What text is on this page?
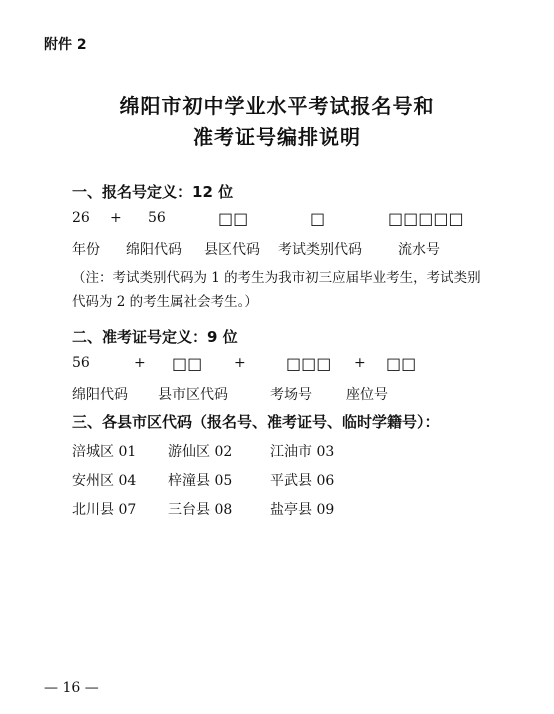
附件 2
绵阳市初中学业水平考试报名号和
准考证号编排说明
一、报名号定义：12 位
26 + 56	□□	□	□□□□□
年份 绵阳代码 县区代码 考试类别代码	流水号
（注：考试类别代码为 1 的考生为我市初三应届毕业考生，考试类别代码为 2 的考生属社会考生。）
二、准考证号定义：9 位
56	+ □□ +	□□□ + □□
绵阳代码 县市区代码	考场号 座位号
三、各县市区代码（报名号、准考证号、临时学籍号）：
涪城区 01 游仙区 02	江油市 03
安州区 04 梓潼县 05	平武县 06
北川县 07 三台县 08	盐亭县 09
— 16 —
